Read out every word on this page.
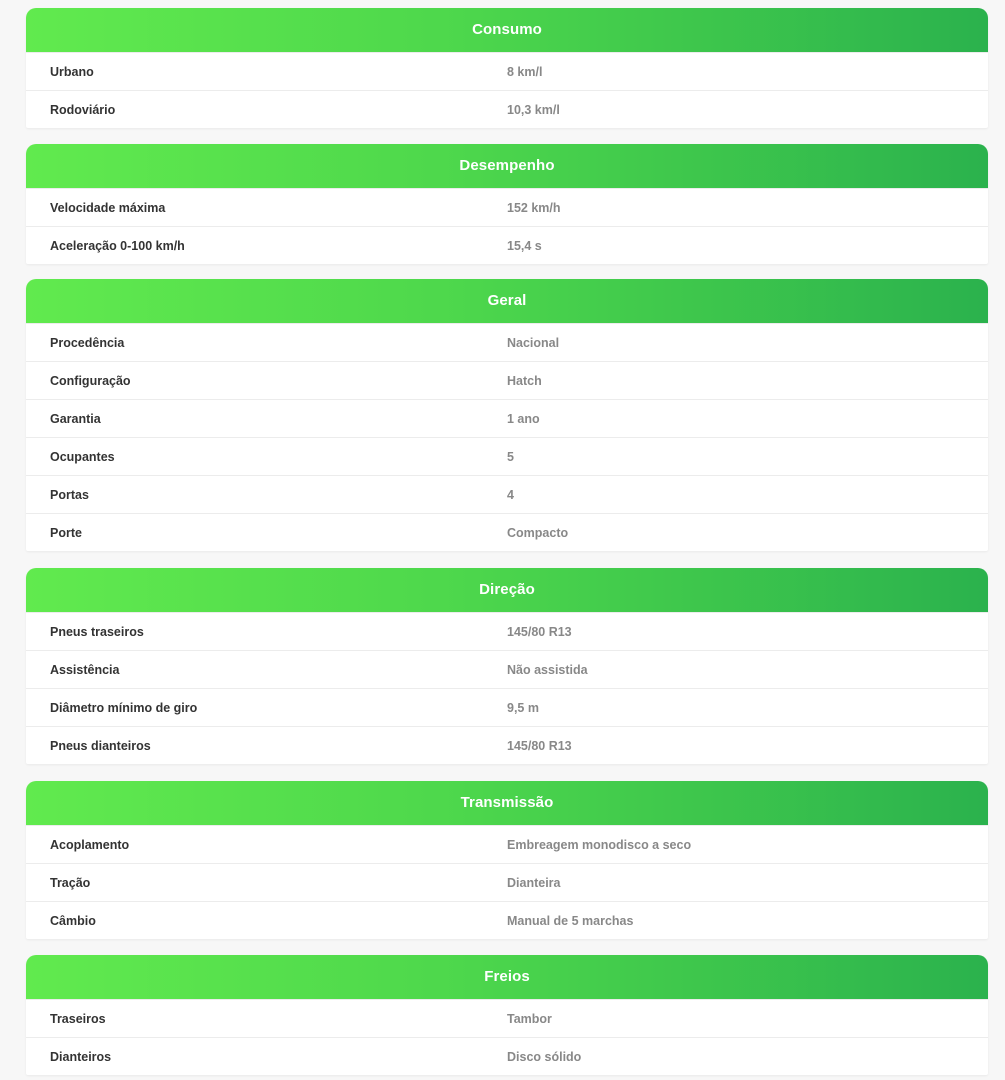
Consumo
Urbano	8 km/l
Rodoviário	10,3 km/l
Desempenho
Velocidade máxima	152 km/h
Aceleração 0-100 km/h	15,4 s
Geral
Procedência	Nacional
Configuração	Hatch
Garantia	1 ano
Ocupantes	5
Portas	4
Porte	Compacto
Direção
Pneus traseiros	145/80 R13
Assistência	Não assistida
Diâmetro mínimo de giro	9,5 m
Pneus dianteiros	145/80 R13
Transmissão
Acoplamento	Embreagem monodisco a seco
Tração	Dianteira
Câmbio	Manual de 5 marchas
Freios
Traseiros	Tambor
Dianteiros	Disco sólido
